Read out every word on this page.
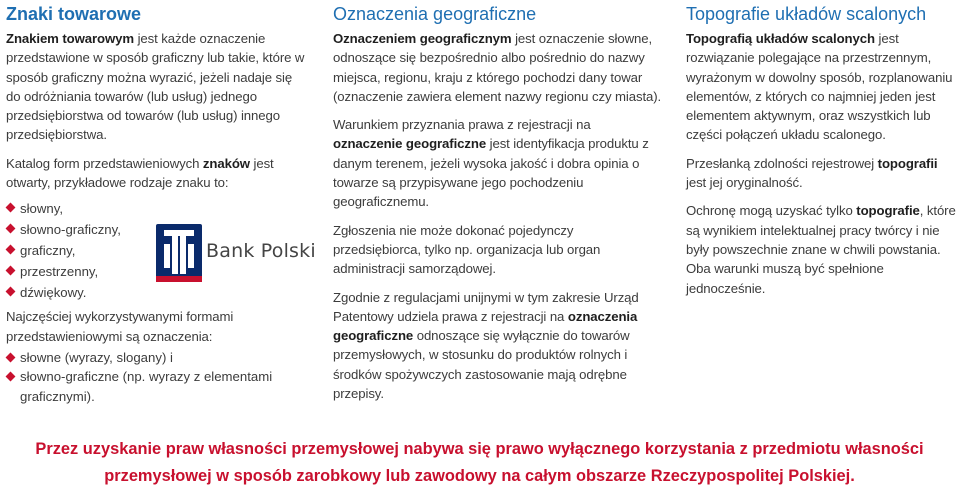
Znaki towarowe

Znakiem towarowym jest każde oznaczenie przedstawione w sposób graficzny lub takie, które w sposób graficzny można wyrazić, jeżeli nadaje się do odróżniania towarów (lub usług) jednego przedsiębiorstwa od towarów (lub usług) innego przedsiębiorstwa.

Katalog form przedstawieniowych znaków jest otwarty, przykładowe rodzaje znaku to:

słowny,
słowno-graficzny,
graficzny,
przestrzenny,
dźwiękowy.

Najczęściej wykorzystywanymi formami przedstawieniowymi są oznaczenia:

słowne (wyrazy, slogany) i
słowno-graficzne (np. wyrazy z elementami graficznymi).
Bank Polski
Oznaczenia geograficzne

Oznaczeniem geograficznym jest oznaczenie słowne, odnoszące się bezpośrednio albo pośrednio do nazwy miejsca, regionu, kraju z którego pochodzi dany towar (oznaczenie zawiera element nazwy regionu czy miasta).

Warunkiem przyznania prawa z rejestracji na oznaczenie geograficzne jest identyfikacja produktu z danym terenem, jeżeli wysoka jakość i dobra opinia o towarze są przypisywane jego pochodzeniu geograficznemu.

Zgłoszenia nie może dokonać pojedynczy przedsiębiorca, tylko np. organizacja lub organ administracji samorządowej.

Zgodnie z regulacjami unijnymi w tym zakresie Urząd Patentowy udziela prawa z rejestracji na oznaczenia geograficzne odnoszące się wyłącznie do towarów przemysłowych, w stosunku do produktów rolnych i środków spożywczych zastosowanie mają odrębne przepisy.

Topografie układów scalonych

Topografią układów scalonych jest rozwiązanie polegające na przestrzennym, wyrażonym w dowolny sposób, rozplanowaniu elementów, z których co najmniej jeden jest elementem aktywnym, oraz wszystkich lub części połączeń układu scalonego.

Przesłanką zdolności rejestrowej topografii jest jej oryginalność.

Ochronę mogą uzyskać tylko topografie, które są wynikiem intelektualnej pracy twórcy i nie były powszechnie znane w chwili powstania. Oba warunki muszą być spełnione jednocześnie.

Przez uzyskanie praw własności przemysłowej nabywa się prawo wyłącznego korzystania z przedmiotu własności przemysłowej w sposób zarobkowy lub zawodowy na całym obszarze Rzeczypospolitej Polskiej.
